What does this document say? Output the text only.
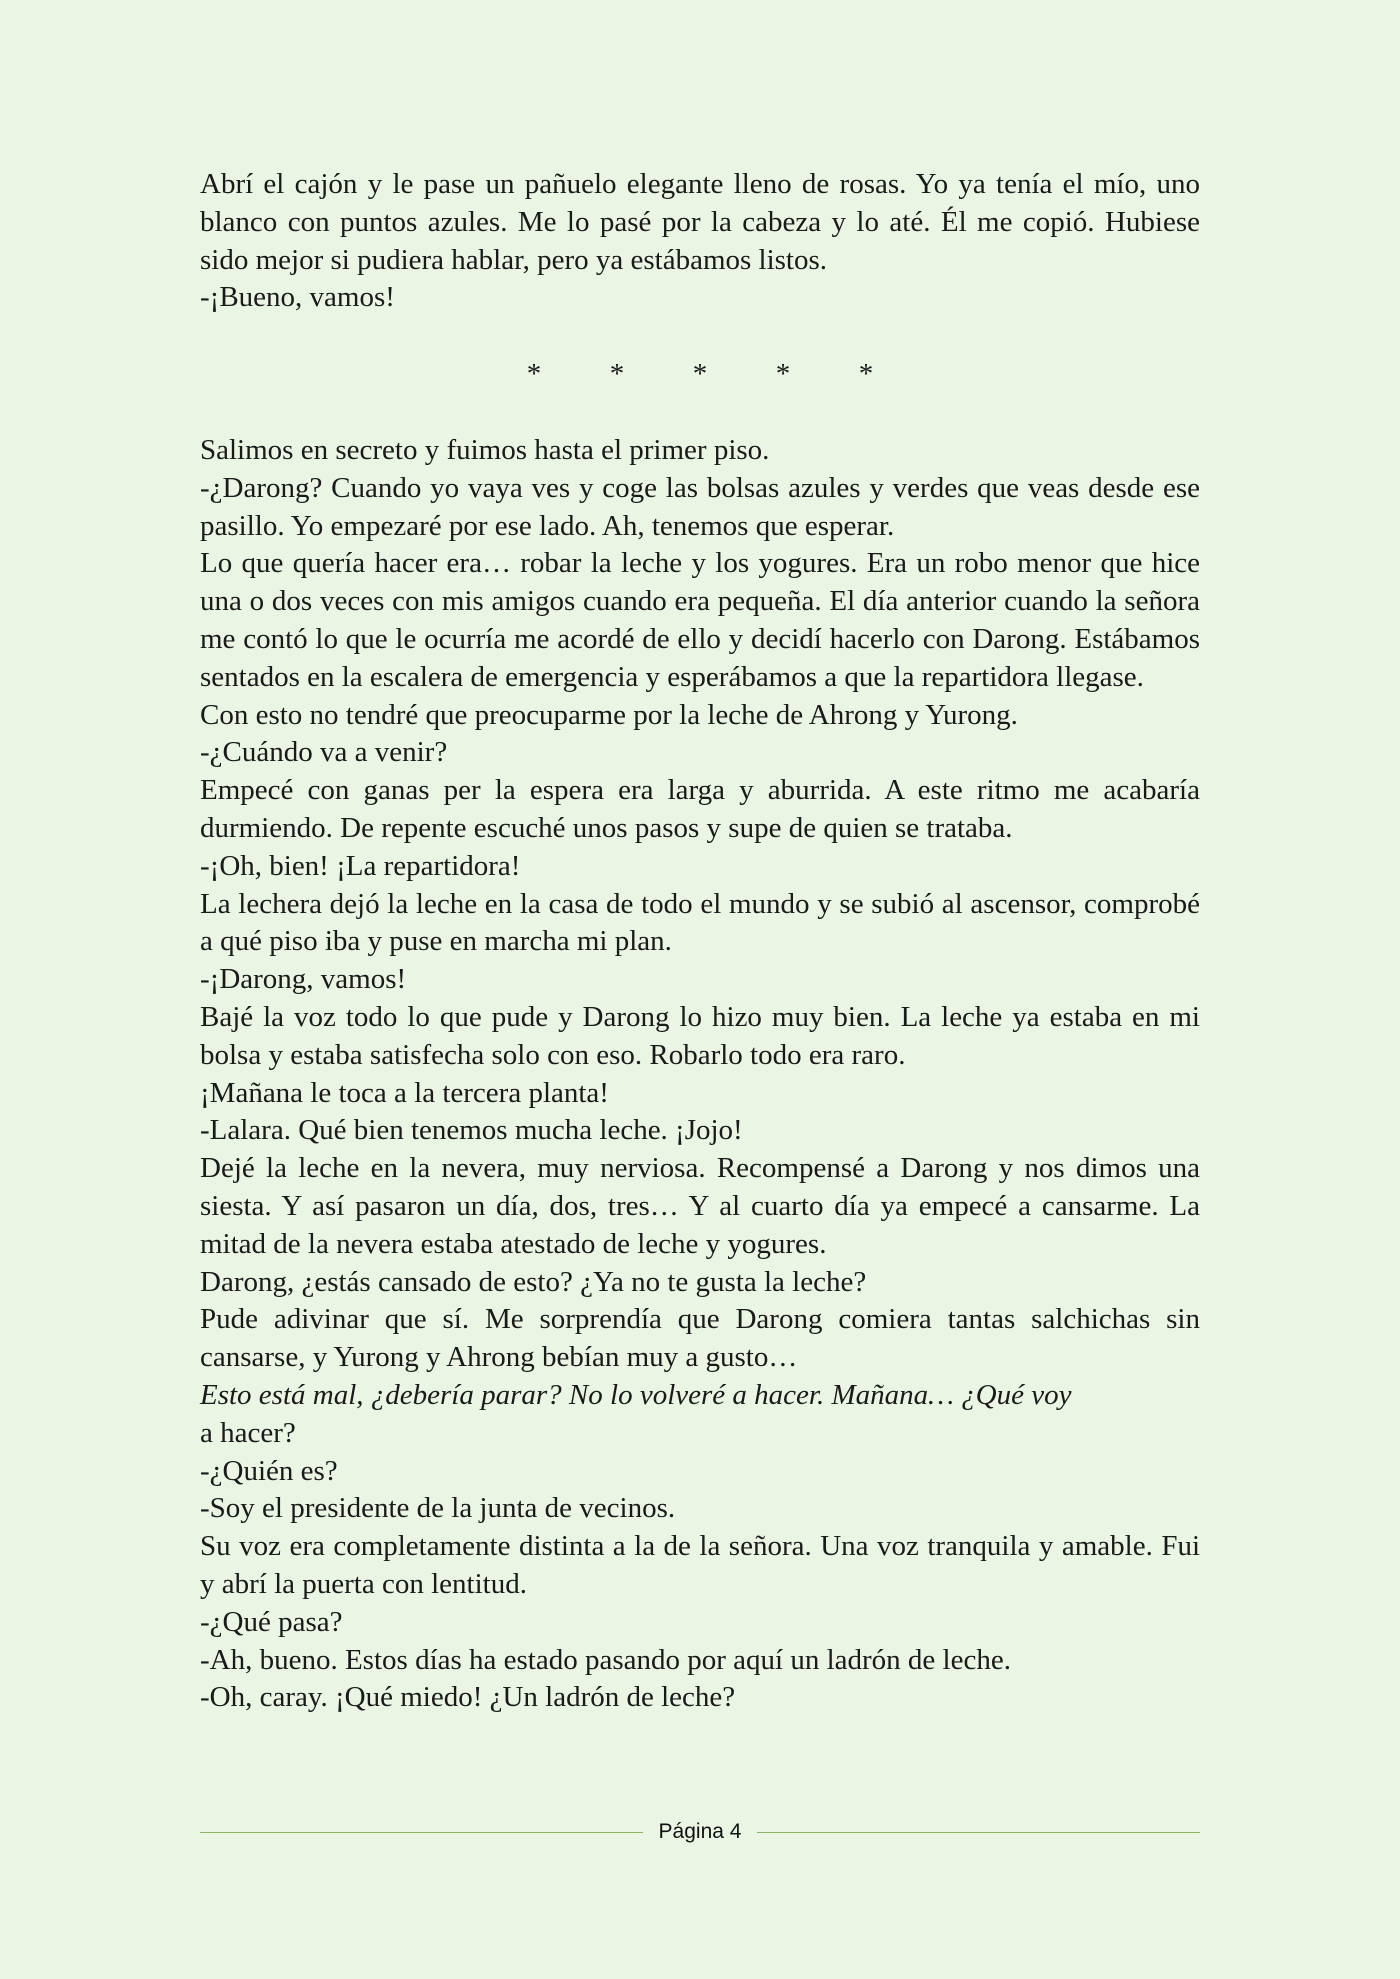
Abrí el cajón y le pase un pañuelo elegante lleno de rosas. Yo ya tenía el mío, uno blanco con puntos azules. Me lo pasé por la cabeza y lo até. Él me copió. Hubiese sido mejor si pudiera hablar, pero ya estábamos listos.

-¡Bueno, vamos!

* * * * *

Salimos en secreto y fuimos hasta el primer piso.

-¿Darong? Cuando yo vaya ves y coge las bolsas azules y verdes que veas desde ese pasillo. Yo empezaré por ese lado. Ah, tenemos que esperar.

Lo que quería hacer era… robar la leche y los yogures. Era un robo menor que hice una o dos veces con mis amigos cuando era pequeña. El día anterior cuando la señora me contó lo que le ocurría me acordé de ello y decidí hacerlo con Darong. Estábamos sentados en la escalera de emergencia y esperábamos a que la repartidora llegase.

Con esto no tendré que preocuparme por la leche de Ahrong y Yurong.

-¿Cuándo va a venir?

Empecé con ganas per la espera era larga y aburrida. A este ritmo me acabaría durmiendo. De repente escuché unos pasos y supe de quien se trataba.

-¡Oh, bien! ¡La repartidora!

La lechera dejó la leche en la casa de todo el mundo y se subió al ascensor, comprobé a qué piso iba y puse en marcha mi plan.

-¡Darong, vamos!

Bajé la voz todo lo que pude y Darong lo hizo muy bien. La leche ya estaba en mi bolsa y estaba satisfecha solo con eso. Robarlo todo era raro.

¡Mañana le toca a la tercera planta!

-Lalara. Qué bien tenemos mucha leche. ¡Jojo!

Dejé la leche en la nevera, muy nerviosa. Recompensé a Darong y nos dimos una siesta. Y así pasaron un día, dos, tres… Y al cuarto día ya empecé a cansarme. La mitad de la nevera estaba atestado de leche y yogures.

Darong, ¿estás cansado de esto? ¿Ya no te gusta la leche?

Pude adivinar que sí. Me sorprendía que Darong comiera tantas salchichas sin cansarse, y Yurong y Ahrong bebían muy a gusto…

Esto está mal, ¿debería parar? No lo volveré a hacer. Mañana… ¿Qué voy
a hacer?

-¿Quién es?

-Soy el presidente de la junta de vecinos.

Su voz era completamente distinta a la de la señora. Una voz tranquila y amable. Fui y abrí la puerta con lentitud.

-¿Qué pasa?

-Ah, bueno. Estos días ha estado pasando por aquí un ladrón de leche.

-Oh, caray. ¡Qué miedo! ¿Un ladrón de leche?

Página 4
